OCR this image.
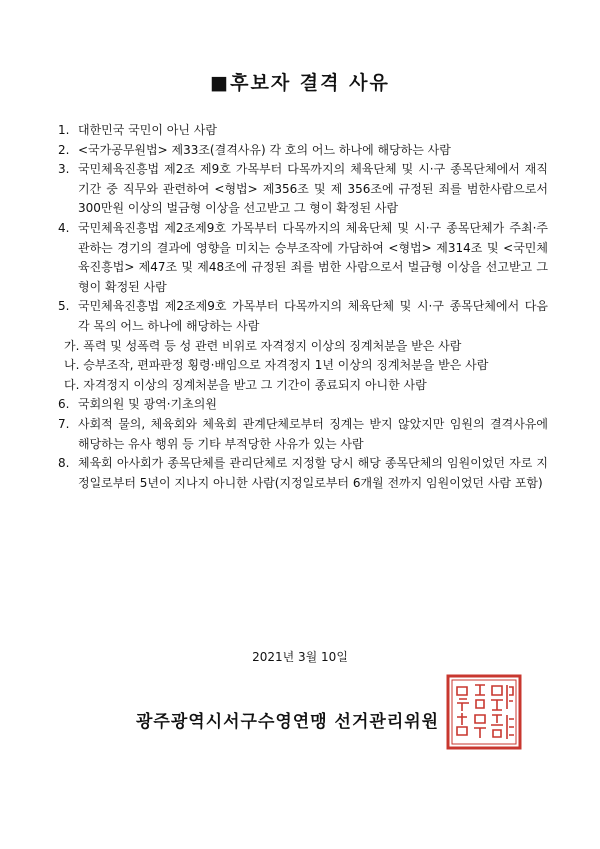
■후보자 결격 사유
1. 대한민국 국민이 아닌 사람
2. <국가공무원법> 제33조(결격사유) 각 호의 어느 하나에 해당하는 사람
3. 국민체육진흥법 제2조 제9호 가목부터 다목까지의 체육단체 및 시·구 종목단체에서 재직기간 중 직무와 관련하여 <형법> 제356조 및 제 356조에 규정된 죄를 범한사람으로서 300만원 이상의 벌금형 이상을 선고받고 그 형이 확정된 사람
4. 국민체육진흥법 제2조제9호 가목부터 다목까지의 체육단체 및 시·구 종목단체가 주최·주관하는 경기의 결과에 영향을 미치는 승부조작에 가담하여 <형법> 제314조 및 <국민체육진흥법> 제47조 및 제48조에 규정된 죄를 범한 사람으로서 벌금형 이상을 선고받고 그 형이 확정된 사람
5. 국민체육진흥법 제2조제9호 가목부터 다목까지의 체육단체 및 시·구 종목단체에서 다음 각 목의 어느 하나에 해당하는 사람
가. 폭력 및 성폭력 등 성 관련 비위로 자격정지 이상의 징계처분을 받은 사람
나. 승부조작, 편파판정 횡령·배임으로 자격정지 1년 이상의 징계처분을 받은 사람
다. 자격정지 이상의 징계처분을 받고 그 기간이 종료되지 아니한 사람
6. 국회의원 및 광역·기초의원
7. 사회적 물의, 체육회와 체육회 관계단체로부터 징계는 받지 않았지만 임원의 결격사유에 해당하는 유사 행위 등 기타 부적당한 사유가 있는 사람
8. 체육회 아사회가 종목단체를 관리단체로 지정할 당시 해당 종목단체의 임원이었던 자로 지정일로부터 5년이 지나지 아니한 사람(지정일로부터 6개월 전까지 임원이었던 사람 포함)
2021년 3월 10일
광주광역시서구수영연맹 선거관리위원
